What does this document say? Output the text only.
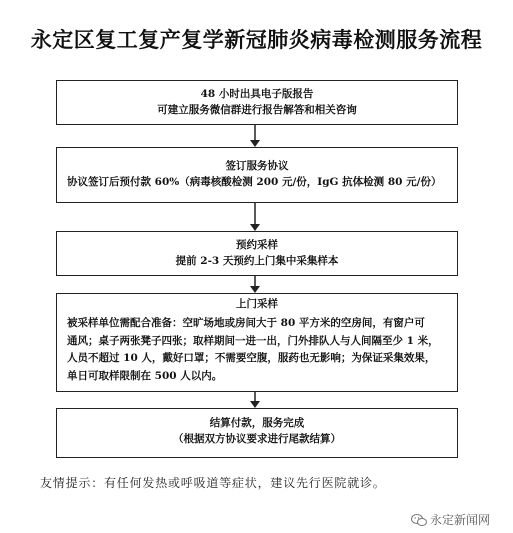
永定区复工复产复学新冠肺炎病毒检测服务流程
48 小时出具电子版报告
可建立服务微信群进行报告解答和相关咨询
签订服务协议
协议签订后预付款 60%（病毒核酸检测 200 元/份，IgG 抗体检测 80 元/份）
预约采样
提前 2-3 天预约上门集中采集样本
上门采样
被采样单位需配合准备：空旷场地或房间大于 80 平方米的空房间，有窗户可
通风；桌子两张凳子四张；取样期间一进一出，门外排队人与人间隔至少 1 米，
人员不超过 10 人，戴好口罩；不需要空腹，服药也无影响；为保证采集效果，
单日可取样限制在 500 人以内。
结算付款，服务完成
（根据双方协议要求进行尾款结算）
友情提示：有任何发热或呼吸道等症状，建议先行医院就诊。
永定新闻网
